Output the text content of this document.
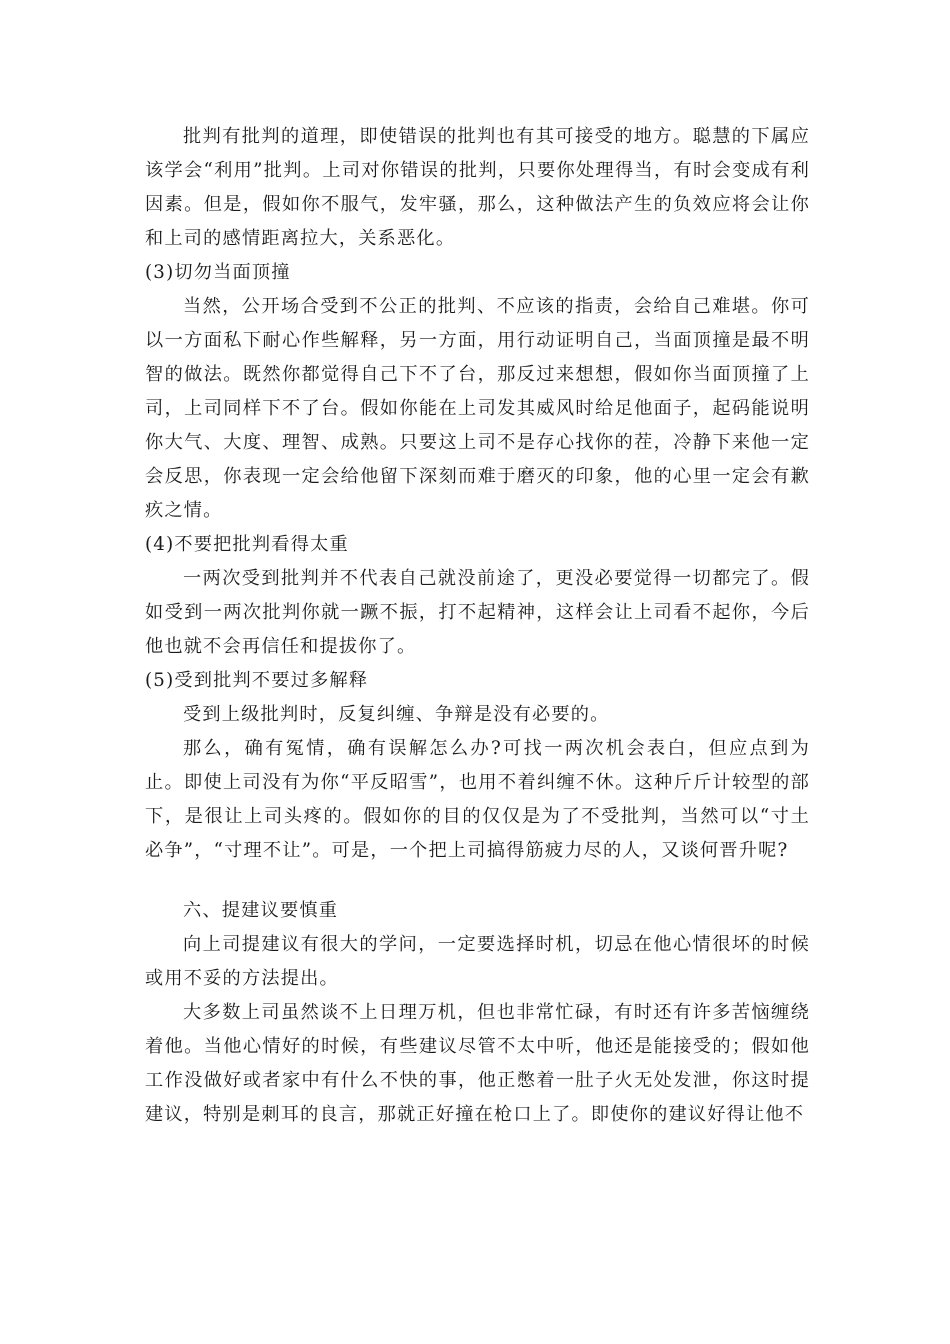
批判有批判的道理，即使错误的批判也有其可接受的地方。聪慧的下属应该学会“利用”批判。上司对你错误的批判，只要你处理得当，有时会变成有利因素。但是，假如你不服气，发牢骚，那么，这种做法产生的负效应将会让你和上司的感情距离拉大，关系恶化。

(3)切勿当面顶撞

当然，公开场合受到不公正的批判、不应该的指责，会给自己难堪。你可以一方面私下耐心作些解释，另一方面，用行动证明自己，当面顶撞是最不明智的做法。既然你都觉得自己下不了台，那反过来想想，假如你当面顶撞了上司，上司同样下不了台。假如你能在上司发其威风时给足他面子，起码能说明你大气、大度、理智、成熟。只要这上司不是存心找你的茬，冷静下来他一定会反思，你表现一定会给他留下深刻而难于磨灭的印象，他的心里一定会有歉疚之情。

(4)不要把批判看得太重

一两次受到批判并不代表自己就没前途了，更没必要觉得一切都完了。假如受到一两次批判你就一蹶不振，打不起精神，这样会让上司看不起你，今后他也就不会再信任和提拔你了。

(5)受到批判不要过多解释

受到上级批判时，反复纠缠、争辩是没有必要的。

那么，确有冤情，确有误解怎么办?可找一两次机会表白，但应点到为止。即使上司没有为你“平反昭雪”，也用不着纠缠不休。这种斤斤计较型的部下，是很让上司头疼的。假如你的目的仅仅是为了不受批判，当然可以“寸土必争”，“寸理不让”。可是，一个把上司搞得筋疲力尽的人，又谈何晋升呢?

六、提建议要慎重

向上司提建议有很大的学问，一定要选择时机，切忌在他心情很坏的时候或用不妥的方法提出。

大多数上司虽然谈不上日理万机，但也非常忙碌，有时还有许多苦恼缠绕着他。当他心情好的时候，有些建议尽管不太中听，他还是能接受的；假如他工作没做好或者家中有什么不快的事，他正憋着一肚子火无处发泄，你这时提建议，特别是刺耳的良言，那就正好撞在枪口上了。即使你的建议好得让他不
